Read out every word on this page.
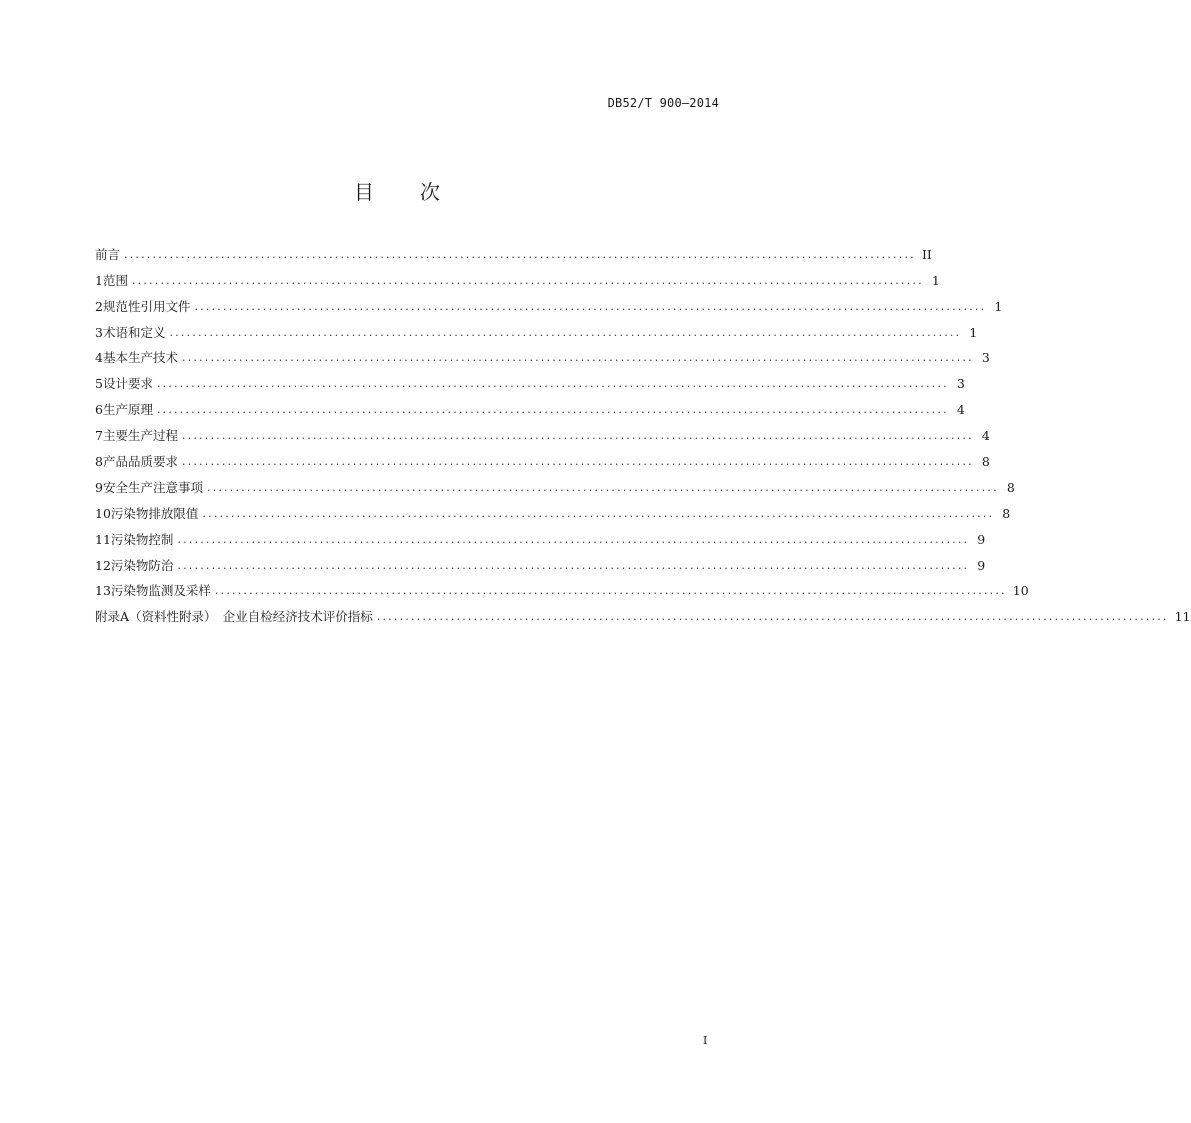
DB52/T 900—2014
目 次
前言 ........................................................................................................................................... II
1 范围 ........................................................................................................................................... 1
2 规范性引用文件 ........................................................................................................................................... 1
3 术语和定义 ........................................................................................................................................... 1
4 基本生产技术 ........................................................................................................................................... 3
5 设计要求 ........................................................................................................................................... 3
6 生产原理 ........................................................................................................................................... 4
7 主要生产过程 ........................................................................................................................................... 4
8 产品品质要求 ........................................................................................................................................... 8
9 安全生产注意事项 ........................................................................................................................................... 8
10 污染物排放限值 ........................................................................................................................................... 8
11 污染物控制 ........................................................................................................................................... 9
12 污染物防治 ........................................................................................................................................... 9
13 污染物监测及采样 ........................................................................................................................................... 10
附录A（资料性附录）　企业自检经济技术评价指标 ........................................................................................................................................... 11
I
